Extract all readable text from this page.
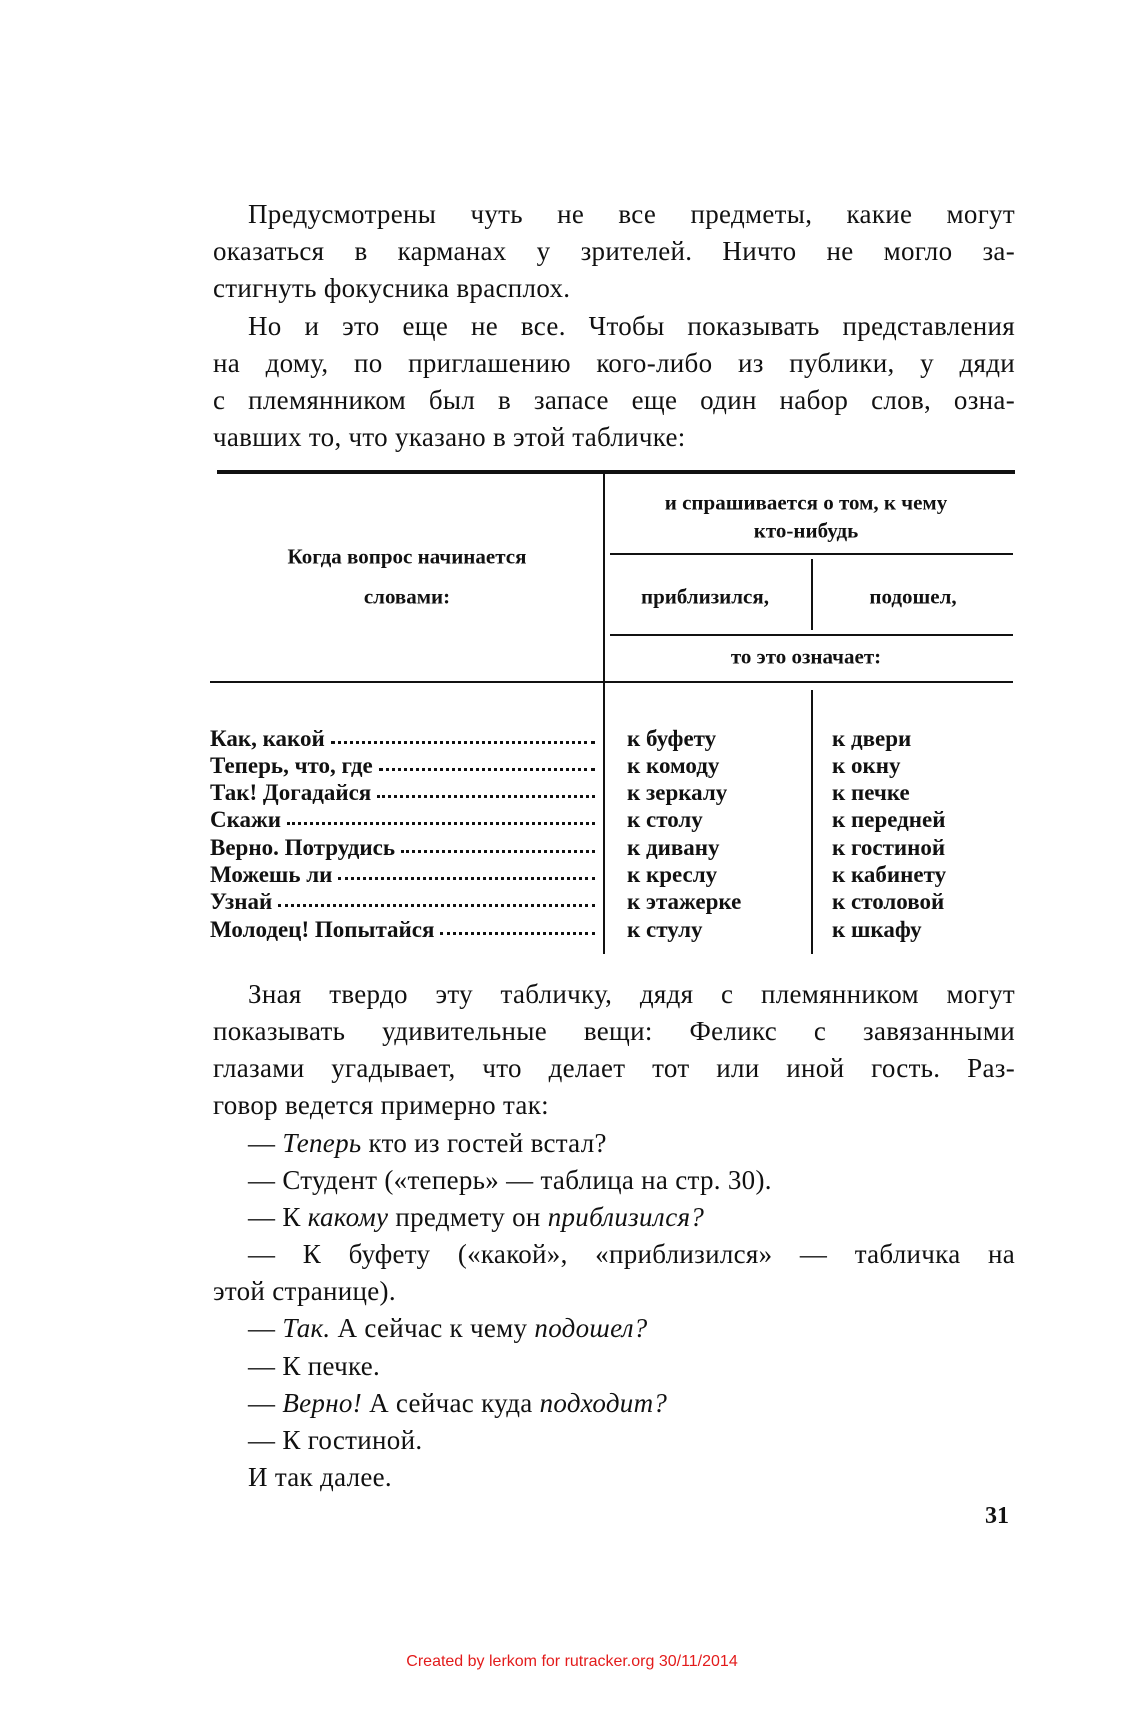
Предусмотрены чуть не все предметы, какие могут
оказаться в карманах у зрителей. Ничто не могло за-
стигнуть фокусника врасплох.
Но и это еще не все. Чтобы показывать представления
на дому, по приглашению кого-либо из публики, у дяди
с племянником был в запасе еще один набор слов, озна-
чавших то, что указано в этой табличке:
Когда вопрос начинается
словами:
и спрашивается о том, к чему
кто-нибудь
приблизился,	подошел,
то это означает:
Как, какой	к буфету	к двери
Теперь, что, где	к комоду	к окну
Так! Догадайся	к зеркалу	к печке
Скажи	к столу	к передней
Верно. Потрудись	к дивану	к гостиной
Можешь ли	к креслу	к кабинету
Узнай	к этажерке	к столовой
Молодец! Попытайся	к стулу	к шкафу
Зная твердо эту табличку, дядя с племянником могут
показывать удивительные вещи: Феликс с завязанными
глазами угадывает, что делает тот или иной гость. Раз-
говор ведется примерно так:
— Теперь кто из гостей встал?
— Студент («теперь» — таблица на стр. 30).
— К какому предмету он приблизился?
— К буфету («какой», «приблизился» — табличка на
этой странице).
— Так. А сейчас к чему подошел?
— К печке.
— Верно! А сейчас куда подходит?
— К гостиной.
И так далее.
31
Created by lerkom for rutracker.org 30/11/2014
